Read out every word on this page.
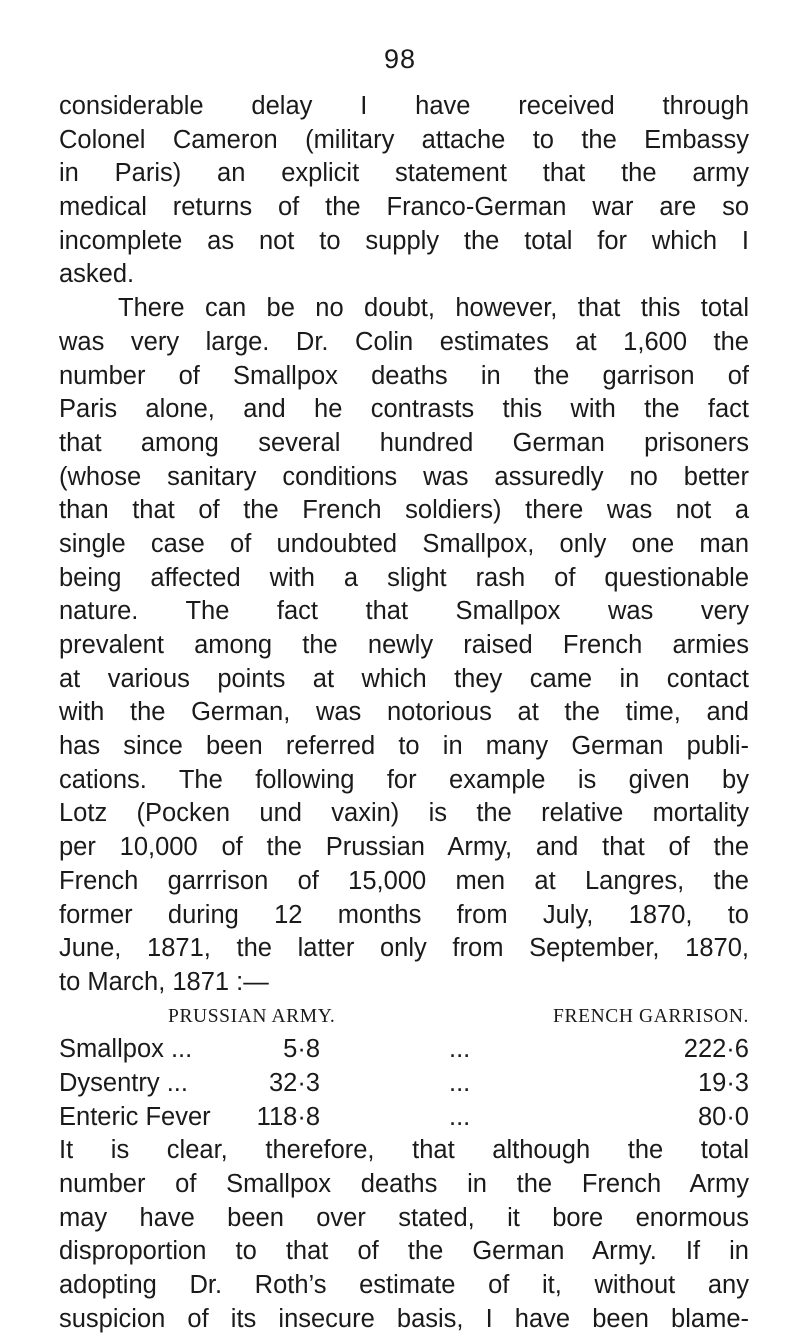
98
considerable delay I have received through
Colonel Cameron (military attache to the Embassy
in Paris) an explicit statement that the army
medical returns of the Franco-German war are so
incomplete as not to supply the total for which I
asked.
There can be no doubt, however, that this total
was very large. Dr. Colin estimates at 1,600 the
number of Smallpox deaths in the garrison of
Paris alone, and he contrasts this with the fact
that among several hundred German prisoners
(whose sanitary conditions was assuredly no better
than that of the French soldiers) there was not a
single case of undoubted Smallpox, only one man
being affected with a slight rash of questionable
nature. The fact that Smallpox was very
prevalent among the newly raised French armies
at various points at which they came in contact
with the German, was notorious at the time, and
has since been referred to in many German publi-
cations. The following for example is given by
Lotz (Pocken und vaxin) is the relative mortality
per 10,000 of the Prussian Army, and that of the
French garrrison of 15,000 men at Langres, the
former during 12 months from July, 1870, to
June, 1871, the latter only from September, 1870,
to March, 1871 :—
PRUSSIAN ARMY.	FRENCH GARRISON.
Smallpox ...	5·8	...	222·6
Dysentry ...	32·3	...	19·3
Enteric Fever 118·8	...	80·0
It is clear, therefore, that although the total
number of Smallpox deaths in the French Army
may have been over stated, it bore enormous
disproportion to that of the German Army. If in
adopting Dr. Roth’s estimate of it, without any
suspicion of its insecure basis, I have been blame-
